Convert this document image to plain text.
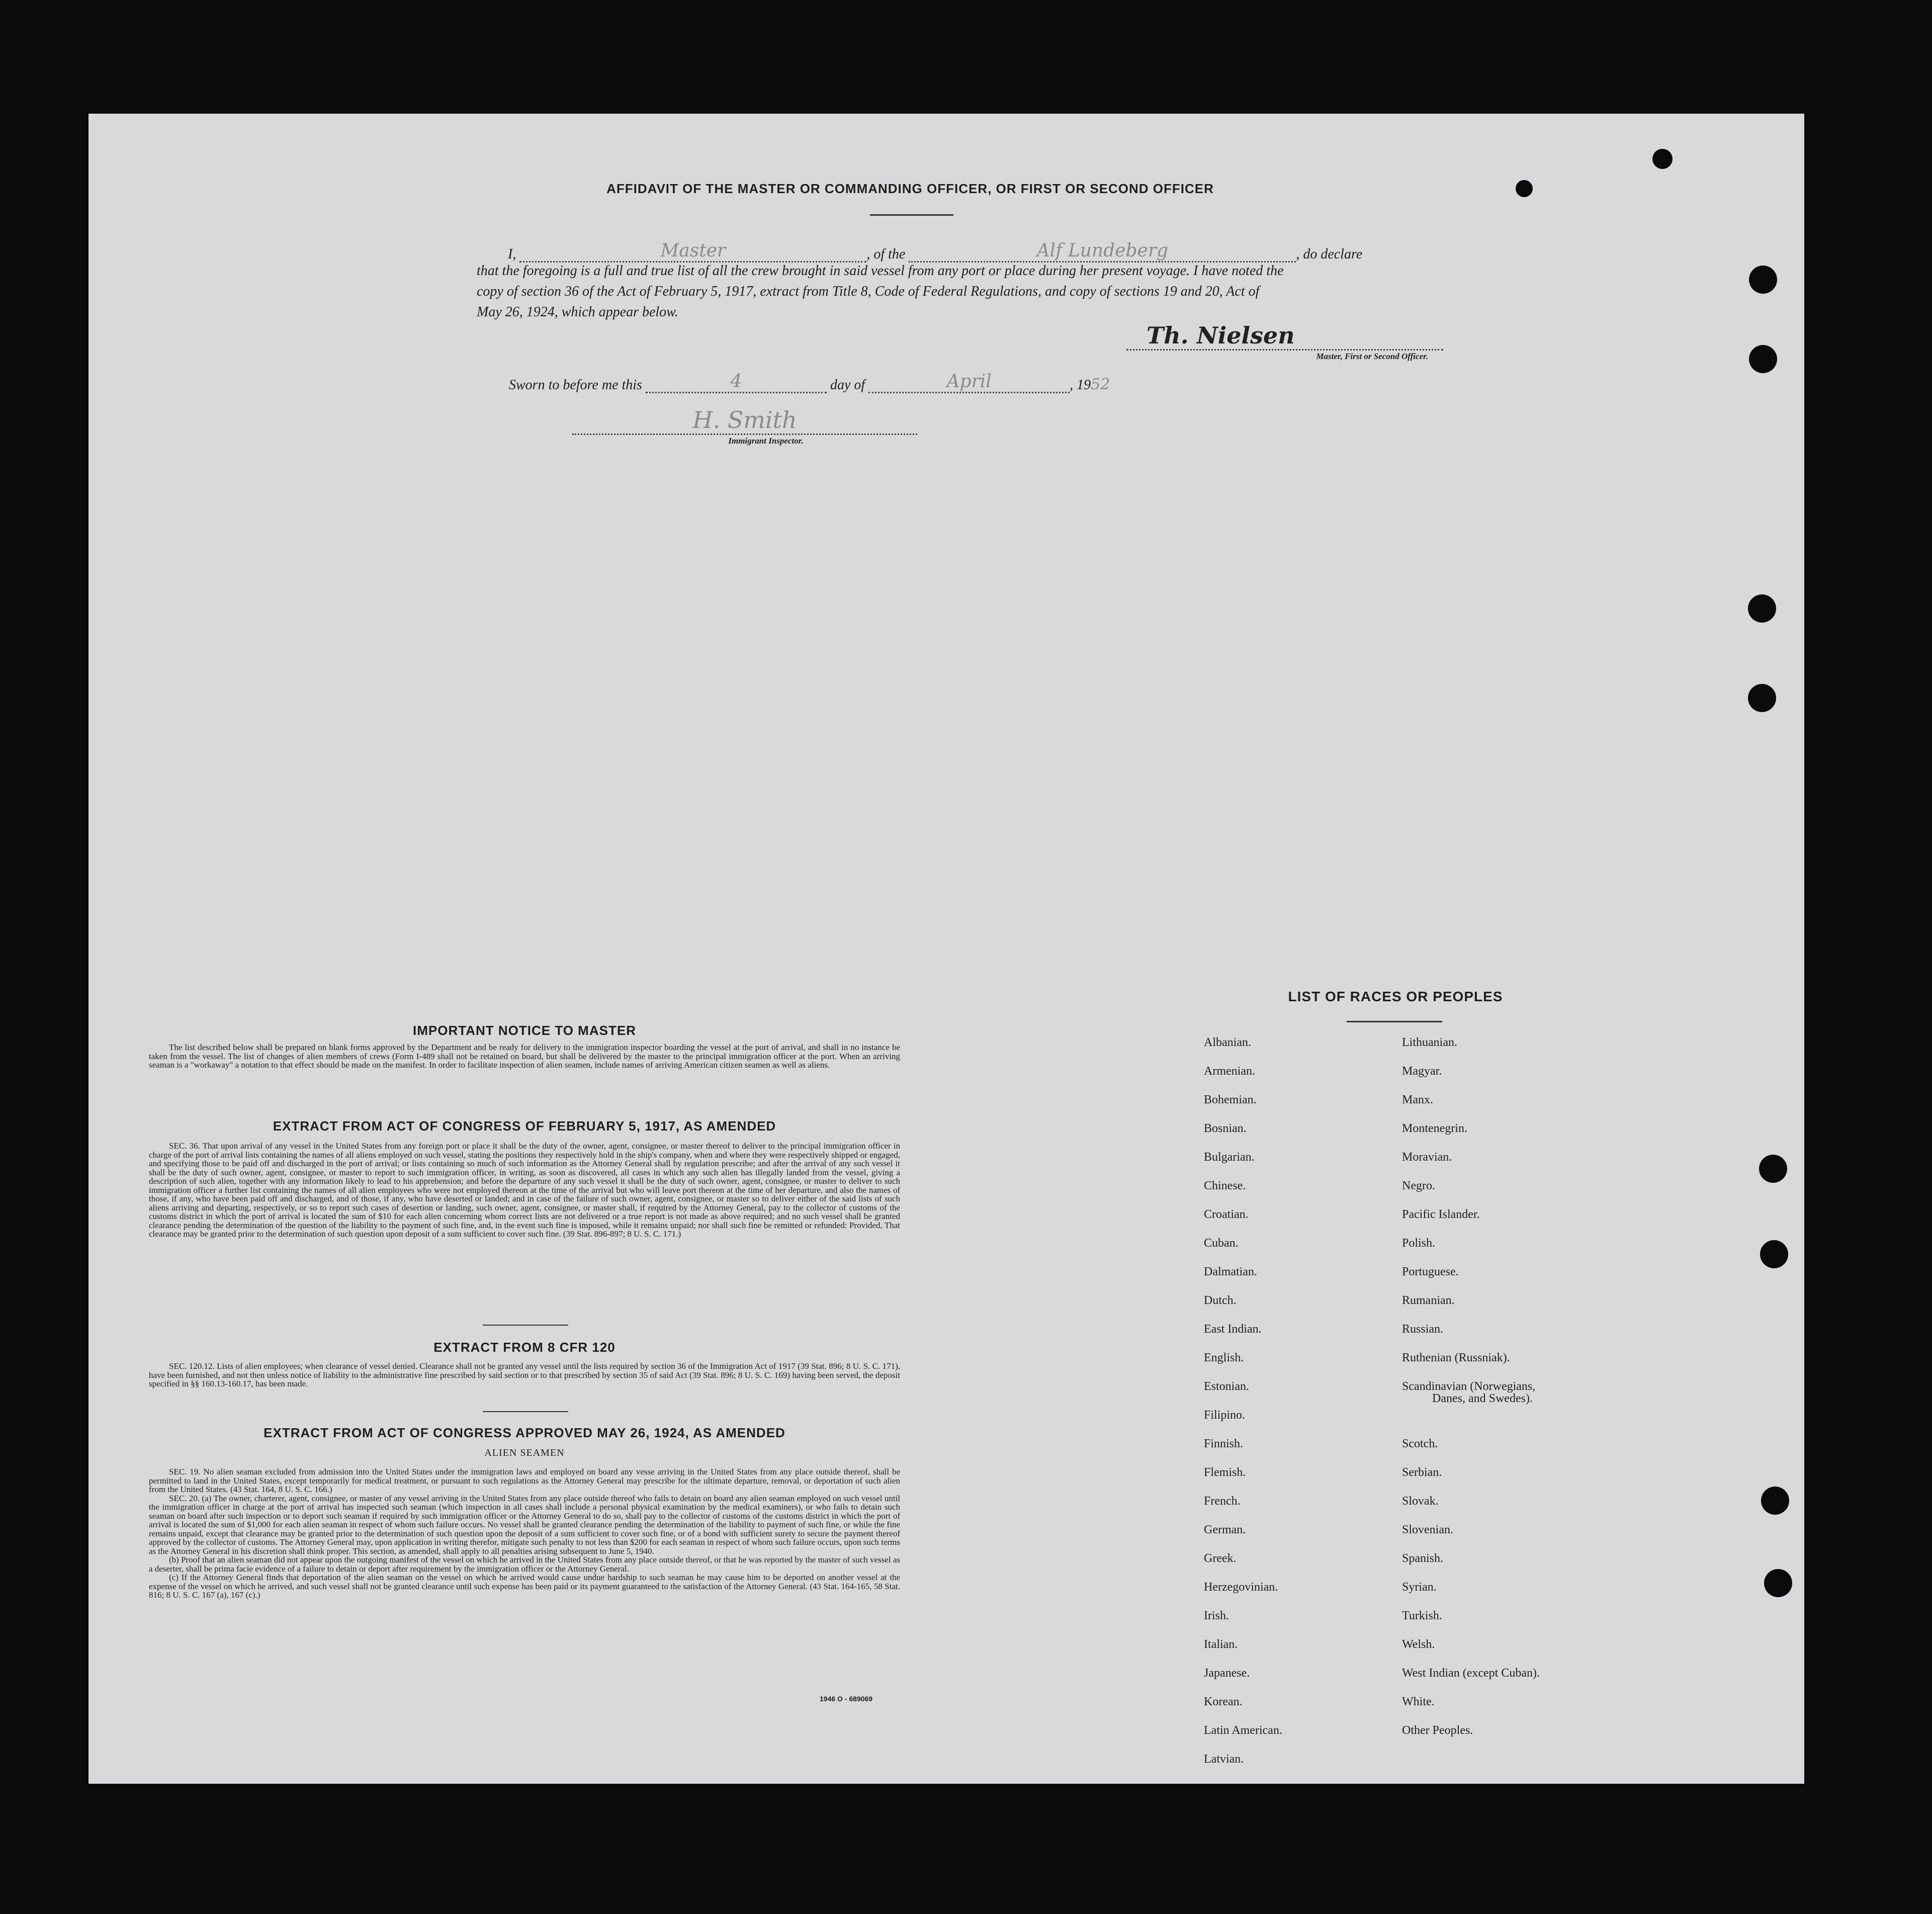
AFFIDAVIT OF THE MASTER OR COMMANDING OFFICER, OR FIRST OR SECOND OFFICER
I,	Master	, of the	Alf Lundeberg	, do declare
that the foregoing is a full and true list of all the crew brought in said vessel from any port or place during her present voyage. I have noted the
copy of section 36 of the Act of February 5, 1917, extract from Title 8, Code of Federal Regulations, and copy of sections 19 and 20, Act of
May 26, 1924, which appear below.
Th. Nielsen
Master, First or Second Officer.
Sworn to before me this	4	day of	April	, 1952
H. Smith
Immigrant Inspector.
IMPORTANT NOTICE TO MASTER

The list described below shall be prepared on blank forms approved by the Department and be ready for delivery to the immigration inspector boarding the vessel at the port of arrival, and shall in no instance be taken from the vessel. The list of changes of alien members of crews (Form I-489 shall not be retained on board, but shall be delivered by the master to the principal immigration officer at the port. When an arriving seaman is a "workaway" a notation to that effect should be made on the manifest. In order to facilitate inspection of alien seamen, include names of arriving American citizen seamen as well as aliens.

EXTRACT FROM ACT OF CONGRESS OF FEBRUARY 5, 1917, AS AMENDED

SEC. 36. That upon arrival of any vessel in the United States from any foreign port or place it shall be the duty of the owner, agent, consignee, or master thereof to deliver to the principal immigration officer in charge of the port of arrival lists containing the names of all aliens employed on such vessel, stating the positions they respectively hold in the ship's company, when and where they were respectively shipped or engaged, and specifying those to be paid off and discharged in the port of arrival; or lists containing so much of such information as the Attorney General shall by regulation prescribe; and after the arrival of any such vessel it shall be the duty of such owner, agent, consignee, or master to report to such immigration officer, in writing, as soon as discovered, all cases in which any such alien has illegally landed from the vessel, giving a description of such alien, together with any information likely to lead to his apprehension; and before the departure of any such vessel it shall be the duty of such owner, agent, consignee, or master to deliver to such immigration officer a further list containing the names of all alien employees who were not employed thereon at the time of the arrival but who will leave port thereon at the time of her departure, and also the names of those, if any, who have been paid off and discharged, and of those, if any, who have deserted or landed; and in case of the failure of such owner, agent, consignee, or master so to deliver either of the said lists of such aliens arriving and departing, respectively, or so to report such cases of desertion or landing, such owner, agent, consignee, or master shall, if required by the Attorney General, pay to the collector of customs of the customs district in which the port of arrival is located the sum of $10 for each alien concerning whom correct lists are not delivered or a true report is not made as above required; and no such vessel shall be granted clearance pending the determination of the question of the liability to the payment of such fine, and, in the event such fine is imposed, while it remains unpaid; nor shall such fine be remitted or refunded: Provided, That clearance may be granted prior to the determination of such question upon deposit of a sum sufficient to cover such fine. (39 Stat. 896-897; 8 U. S. C. 171.)

EXTRACT FROM 8 CFR 120

SEC. 120.12. Lists of alien employees; when clearance of vessel denied. Clearance shall not be granted any vessel until the lists required by section 36 of the Immigration Act of 1917 (39 Stat. 896; 8 U. S. C. 171), have been furnished, and not then unless notice of liability to the administrative fine prescribed by said section or to that prescribed by section 35 of said Act (39 Stat. 896; 8 U. S. C. 169) having been served, the deposit specified in §§ 160.13-160.17, has been made.

EXTRACT FROM ACT OF CONGRESS APPROVED MAY 26, 1924, AS AMENDED
ALIEN SEAMEN

SEC. 19. No alien seaman excluded from admission into the United States under the immigration laws and employed on board any vesse arriving in the United States from any place outside thereof, shall be permitted to land in the United States, except temporarily for medical treatment, or pursuant to such regulations as the Attorney General may prescribe for the ultimate departure, removal, or deportation of such alien from the United States. (43 Stat. 164, 8 U. S. C. 166.)

SEC. 20. (a) The owner, charterer, agent, consignee, or master of any vessel arriving in the United States from any place outside thereof who fails to detain on board any alien seaman employed on such vessel until the immigration officer in charge at the port of arrival has inspected such seaman (which inspection in all cases shall include a personal physical examination by the medical examiners), or who fails to detain such seaman on board after such inspection or to deport such seaman if required by such immigration officer or the Attorney General to do so, shall pay to the collector of customs of the customs district in which the port of arrival is located the sum of $1,000 for each alien seaman in respect of whom such failure occurs. No vessel shall be granted clearance pending the determination of the liability to payment of such fine, or while the fine remains unpaid, except that clearance may be granted prior to the determination of such question upon the deposit of a sum sufficient to cover such fine, or of a bond with sufficient surety to secure the payment thereof approved by the collector of customs. The Attorney General may, upon application in writing therefor, mitigate such penalty to not less than $200 for each seaman in respect of whom such failure occurs, upon such terms as the Attorney General in his discretion shall think proper. This section, as amended, shall apply to all penalties arising subsequent to June 5, 1940.

(b) Proof that an alien seaman did not appear upon the outgoing manifest of the vessel on which he arrived in the United States from any place outside thereof, or that he was reported by the master of such vessel as a deserter, shall be prima facie evidence of a failure to detain or deport after requirement by the immigration officer or the Attorney General.

(c) If the Attorney General finds that deportation of the alien seaman on the vessel on which he arrived would cause undue hardship to such seaman he may cause him to be deported on another vessel at the expense of the vessel on which he arrived, and such vessel shall not be granted clearance until such expense has been paid or its payment guaranteed to the satisfaction of the Attorney General. (43 Stat. 164-165, 58 Stat. 816; 8 U. S. C. 167 (a), 167 (c).)

1946 O - 689069
LIST OF RACES OR PEOPLES
Albanian.
Armenian.
Bohemian.
Bosnian.
Bulgarian.
Chinese.
Croatian.
Cuban.
Dalmatian.
Dutch.
East Indian.
English.
Estonian.
Filipino.
Finnish.
Flemish.
French.
German.
Greek.
Herzegovinian.
Irish.
Italian.
Japanese.
Korean.
Latin American.
Latvian.
Lithuanian.
Magyar.
Manx.
Montenegrin.
Moravian.
Negro.
Pacific Islander.
Polish.
Portuguese.
Rumanian.
Russian.
Ruthenian (Russniak).
Scandinavian (Norwegians,
Danes, and Swedes).
Scotch.
Serbian.
Slovak.
Slovenian.
Spanish.
Syrian.
Turkish.
Welsh.
West Indian (except Cuban).
White.
Other Peoples.
